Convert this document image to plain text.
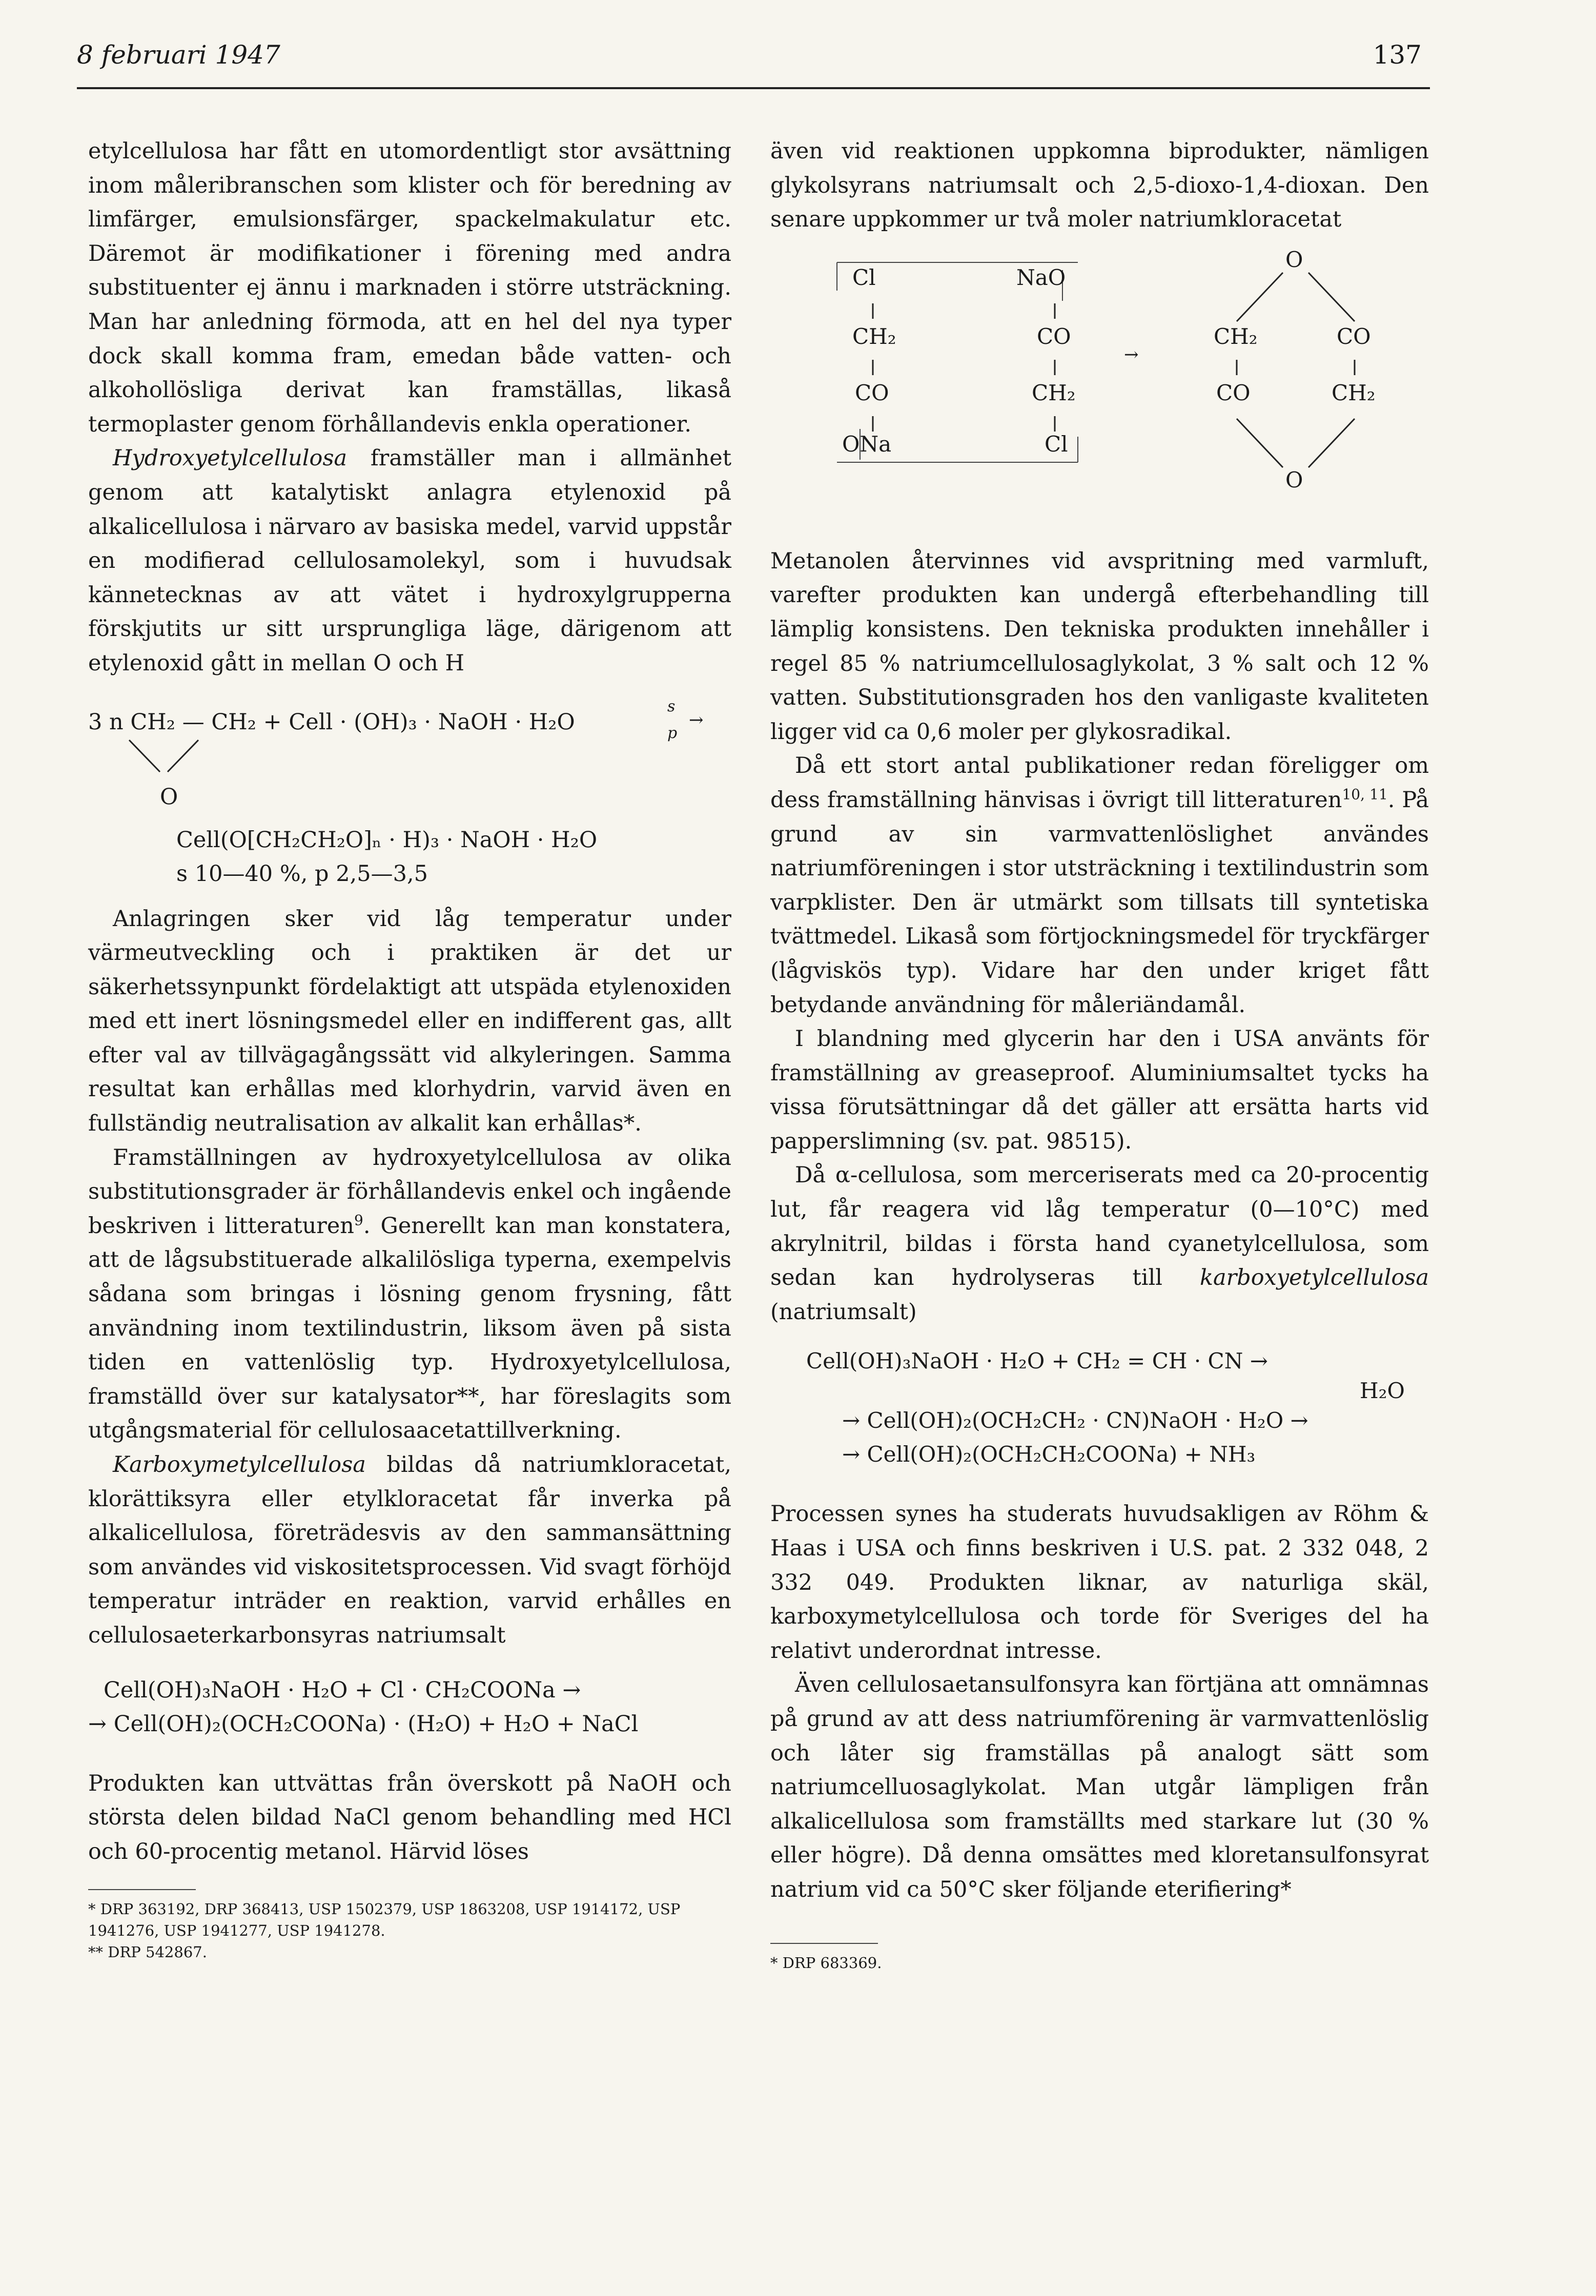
8 februari 1947	137

etylcellulosa har fått en utomordentligt stor avsättning inom måleribranschen som klister och för beredning av limfärger, emulsionsfärger, spackelmakulatur etc. Däremot är modifikationer i förening med andra substituenter ej ännu i marknaden i större utsträckning. Man har anledning förmoda, att en hel del nya typer dock skall komma fram, emedan både vatten- och alkohollösliga derivat kan framställas, likaså termoplaster genom förhållandevis enkla operationer.

Hydroxyetylcellulosa framställer man i allmänhet genom att katalytiskt anlagra etylenoxid på alkalicellulosa i närvaro av basiska medel, varvid uppstår en modifierad cellulosamolekyl, som i huvudsak kännetecknas av att vätet i hydroxylgrupperna förskjutits ur sitt ursprungliga läge, därigenom att etylenoxid gått in mellan O och H

3 n CH₂ — CH₂ + Cell · (OH)₃ · NaOH · H₂O
s
p
→
O
Cell(O[CH₂CH₂O]ₙ · H)₃ · NaOH · H₂O
s 10—40 %, p 2,5—3,5

Anlagringen sker vid låg temperatur under värmeutveckling och i praktiken är det ur säkerhetssynpunkt fördelaktigt att utspäda etylenoxiden med ett inert lösningsmedel eller en indifferent gas, allt efter val av tillvägagångssätt vid alkyleringen. Samma resultat kan erhållas med klorhydrin, varvid även en fullständig neutralisation av alkalit kan erhållas*.

Framställningen av hydroxyetylcellulosa av olika substitutionsgrader är förhållandevis enkel och ingående beskriven i litteraturen$^9$. Generellt kan man konstatera, att de lågsubstituerade alkalilösliga typerna, exempelvis sådana som bringas i lösning genom frysning, fått användning inom textilindustrin, liksom även på sista tiden en vattenlöslig typ. Hydroxyetylcellulosa, framställd över sur katalysator**, har föreslagits som utgångsmaterial för cellulosaacetattillverkning.

Karboxymetylcellulosa bildas då natriumkloracetat, klorättiksyra eller etylkloracetat får inverka på alkalicellulosa, företrädesvis av den sammansättning som användes vid viskositetsprocessen. Vid svagt förhöjd temperatur inträder en reaktion, varvid erhålles en cellulosaeterkarbonsyras natriumsalt

Cell(OH)₃NaOH · H₂O + Cl · CH₂COONa →
→ Cell(OH)₂(OCH₂COONa) · (H₂O) + H₂O + NaCl

Produkten kan uttvättas från överskott på NaOH och största delen bildad NaCl genom behandling med HCl och 60-procentig metanol. Härvid löses

* DRP 363192, DRP 368413, USP 1502379, USP 1863208, USP 1914172, USP 1941276, USP 1941277, USP 1941278.
** DRP 542867.

även vid reaktionen uppkomna biprodukter, nämligen glykolsyrans natriumsalt och 2,5-dioxo-1,4-dioxan. Den senare uppkommer ur två moler natriumkloracetat

Cl	NaO
CH₂	CO
CO	CH₂
ONa	Cl
→
O
CH₂	CO
CO	CH₂
O

Metanolen återvinnes vid avspritning med varmluft, varefter produkten kan undergå efterbehandling till lämplig konsistens. Den tekniska produkten innehåller i regel 85 % natriumcellulosaglykolat, 3 % salt och 12 % vatten. Substitutionsgraden hos den vanligaste kvaliteten ligger vid ca 0,6 moler per glykosradikal.

Då ett stort antal publikationer redan föreligger om dess framställning hänvisas i övrigt till litteraturen$^{10, 11}$. På grund av sin varmvattenlöslighet användes natriumföreningen i stor utsträckning i textilindustrin som varpklister. Den är utmärkt som tillsats till syntetiska tvättmedel. Likaså som förtjockningsmedel för tryckfärger (lågviskös typ). Vidare har den under kriget fått betydande användning för måleriändamål.

I blandning med glycerin har den i USA använts för framställning av greaseproof. Aluminiumsaltet tycks ha vissa förutsättningar då det gäller att ersätta harts vid papperslimning (sv. pat. 98515).

Då α-cellulosa, som merceriserats med ca 20-procentig lut, får reagera vid låg temperatur (0—10°C) med akrylnitril, bildas i första hand cyanetylcellulosa, som sedan kan hydrolyseras till karboxyetylcellulosa (natriumsalt)

Cell(OH)₃NaOH · H₂O + CH₂ = CH · CN →
H₂O
→ Cell(OH)₂(OCH₂CH₂ · CN)NaOH · H₂O →
→ Cell(OH)₂(OCH₂CH₂COONa) + NH₃

Processen synes ha studerats huvudsakligen av Röhm & Haas i USA och finns beskriven i U.S. pat. 2 332 048, 2 332 049. Produkten liknar, av naturliga skäl, karboxymetylcellulosa och torde för Sveriges del ha relativt underordnat intresse.

Även cellulosaetansulfonsyra kan förtjäna att omnämnas på grund av att dess natriumförening är varmvattenlöslig och låter sig framställas på analogt sätt som natriumcelluosaglykolat. Man utgår lämpligen från alkalicellulosa som framställts med starkare lut (30 % eller högre). Då denna omsättes med kloretansulfonsyrat natrium vid ca 50°C sker följande eterifiering*

* DRP 683369.
